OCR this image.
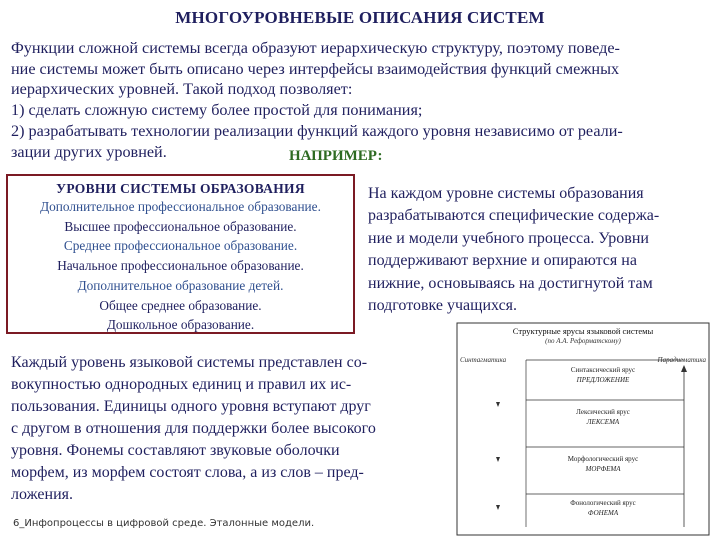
МНОГОУРОВНЕВЫЕ ОПИСАНИЯ СИСТЕМ
Функции сложной системы всегда образуют иерархическую структуру, поэтому поведе-
ние системы может быть описано через интерфейсы взаимодействия функций смежных
иерархических уровней. Такой подход позволяет:
1) сделать сложную систему более простой для понимания;
2) разрабатывать технологии реализации функций каждого уровня независимо от реали-
зации других уровней.	НАПРИМЕР:
УРОВНИ СИСТЕМЫ ОБРАЗОВАНИЯ
Дополнительное профессиональное образование.
Высшее профессиональное образование.
Среднее профессиональное образование.
Начальное профессиональное образование.
Дополнительное образование детей.
Общее среднее образование.
Дошкольное образование.
На каждом уровне системы образования
разрабатываются специфические содержа-
ние и модели учебного процесса. Уровни
поддерживают верхние и опираются на
нижние, основываясь на достигнутой там
подготовке учащихся.
Каждый уровень языковой системы представлен со-
вокупностью однородных единиц и правил их ис-
пользования. Единицы одного уровня вступают друг
с другом в отношения для поддержки более высокого
уровня. Фонемы составляют звуковые оболочки
морфем, из морфем состоят слова, а из слов – пред-
ложения.
6_Инфопроцессы в цифровой среде. Эталонные модели.
Структурные ярусы языковой системы
(по А.А. Реформатскому)
Синтагматика	Парадигматика
Синтаксический ярус
ПРЕДЛОЖЕНИЕ
Лексический ярус
ЛЕКСЕМА
Морфологический ярус
МОРФЕМА
Фонологический ярус
ФОНЕМА
